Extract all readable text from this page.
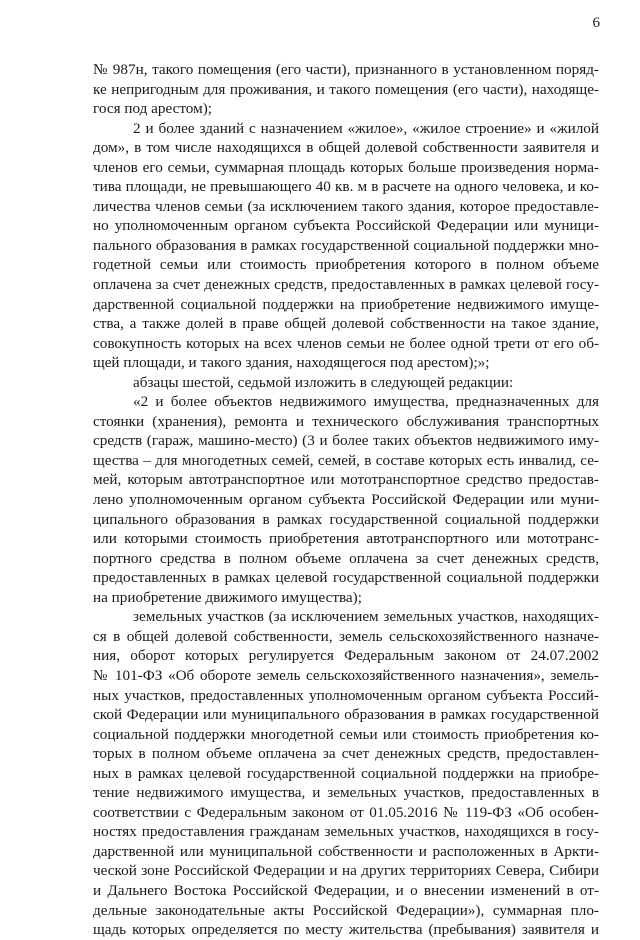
6
№ 987н, такого помещения (его части), признанного в установленном поряд-
ке непригодным для проживания, и такого помещения (его части), находяще-
гося под арестом);
2 и более зданий с назначением «жилое», «жилое строение» и «жилой
дом», в том числе находящихся в общей долевой собственности заявителя и
членов его семьи, суммарная площадь которых больше произведения норма-
тива площади, не превышающего 40 кв. м в расчете на одного человека, и ко-
личества членов семьи (за исключением такого здания, которое предоставле-
но уполномоченным органом субъекта Российской Федерации или муници-
пального образования в рамках государственной социальной поддержки мно-
годетной семьи или стоимость приобретения которого в полном объеме
оплачена за счет денежных средств, предоставленных в рамках целевой госу-
дарственной социальной поддержки на приобретение недвижимого имуще-
ства, а также долей в праве общей долевой собственности на такое здание,
совокупность которых на всех членов семьи не более одной трети от его об-
щей площади, и такого здания, находящегося под арестом);»;
абзацы шестой, седьмой изложить в следующей редакции:
«2 и более объектов недвижимого имущества, предназначенных для
стоянки (хранения), ремонта и технического обслуживания транспортных
средств (гараж, машино-место) (3 и более таких объектов недвижимого иму-
щества – для многодетных семей, семей, в составе которых есть инвалид, се-
мей, которым автотранспортное или мототранспортное средство предостав-
лено уполномоченным органом субъекта Российской Федерации или муни-
ципального образования в рамках государственной социальной поддержки
или которыми стоимость приобретения автотранспортного или мототранс-
портного средства в полном объеме оплачена за счет денежных средств,
предоставленных в рамках целевой государственной социальной поддержки
на приобретение движимого имущества);
земельных участков (за исключением земельных участков, находящих-
ся в общей долевой собственности, земель сельскохозяйственного назначе-
ния, оборот которых регулируется Федеральным законом от 24.07.2002
№ 101-ФЗ «Об обороте земель сельскохозяйственного назначения», земель-
ных участков, предоставленных уполномоченным органом субъекта Россий-
ской Федерации или муниципального образования в рамках государственной
социальной поддержки многодетной семьи или стоимость приобретения ко-
торых в полном объеме оплачена за счет денежных средств, предоставлен-
ных в рамках целевой государственной социальной поддержки на приобре-
тение недвижимого имущества, и земельных участков, предоставленных в
соответствии с Федеральным законом от 01.05.2016 № 119-ФЗ «Об особен-
ностях предоставления гражданам земельных участков, находящихся в госу-
дарственной или муниципальной собственности и расположенных в Аркти-
ческой зоне Российской Федерации и на других территориях Севера, Сибири
и Дальнего Востока Российской Федерации, и о внесении изменений в от-
дельные законодательные акты Российской Федерации»), суммарная пло-
щадь которых определяется по месту жительства (пребывания) заявителя и
